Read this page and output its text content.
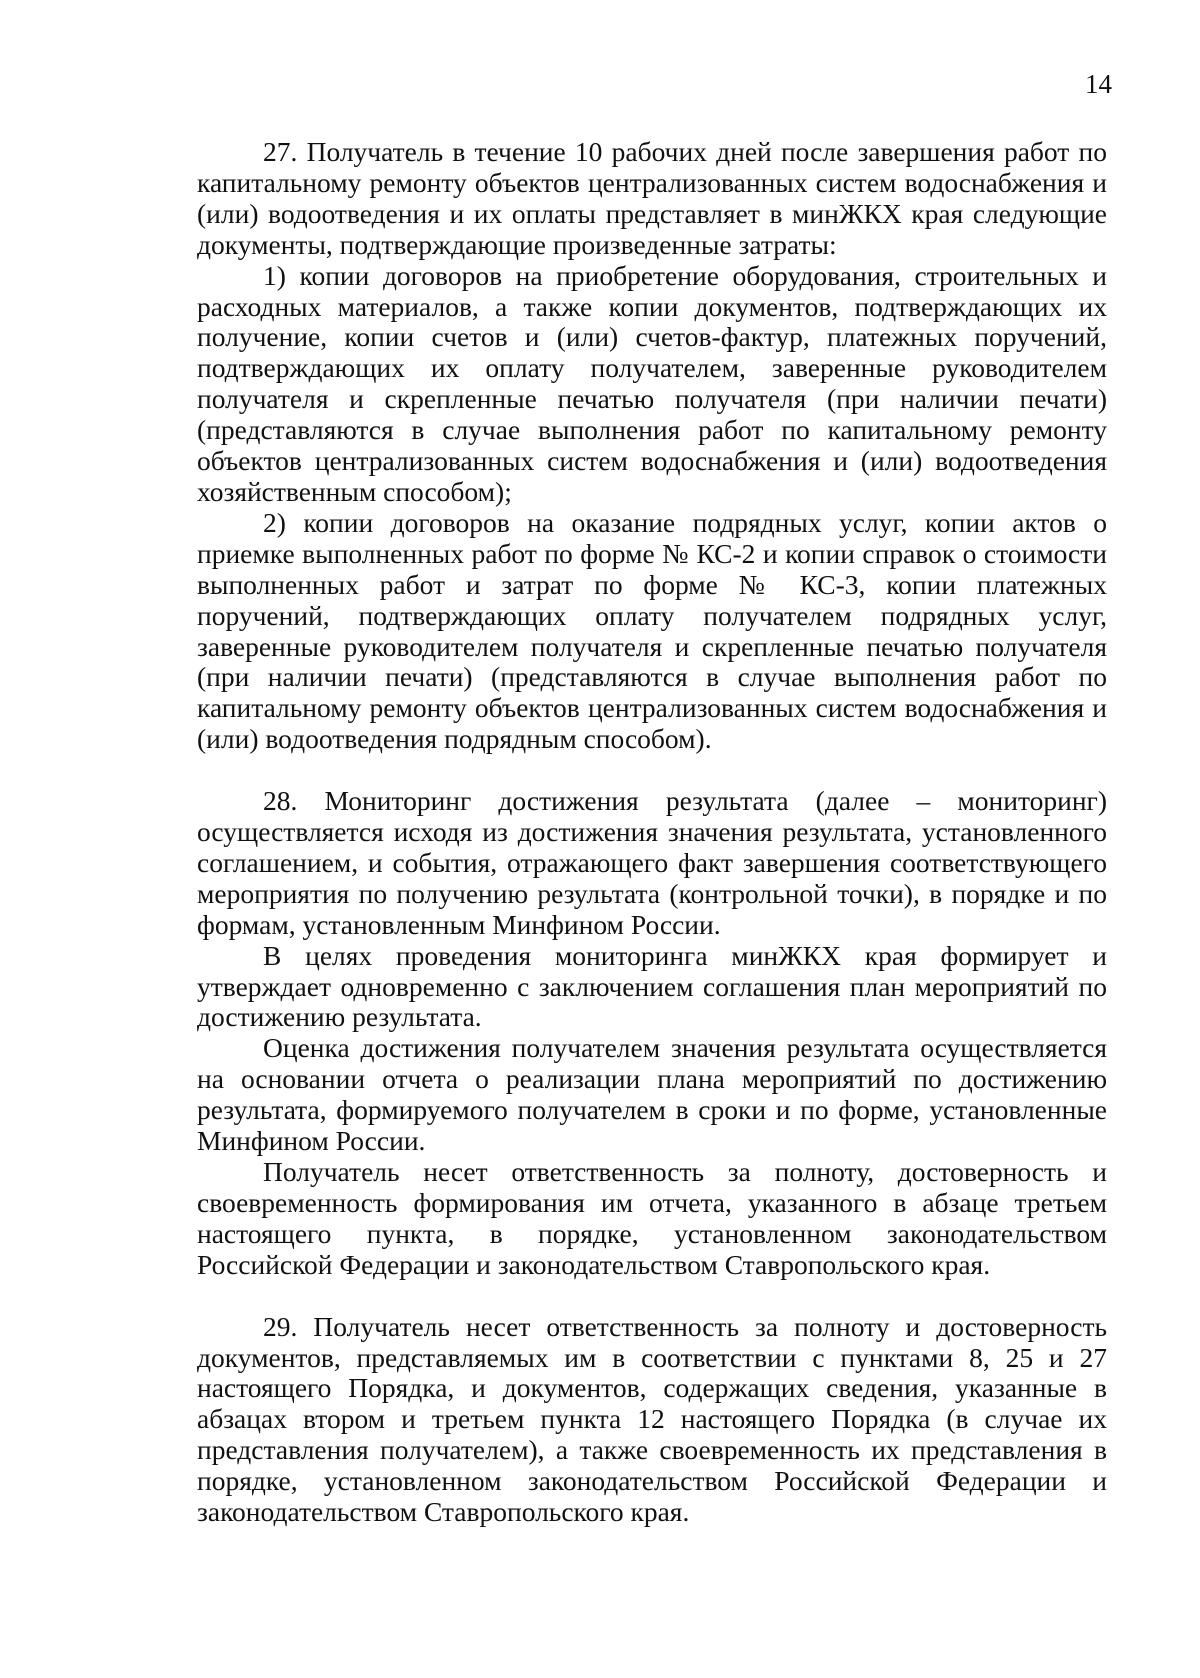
14

27. Получатель в течение 10 рабочих дней после завершения работ по капитальному ремонту объектов централизованных систем водоснабжения и (или) водоотведения и их оплаты представляет в минЖКХ края следующие документы, подтверждающие произведенные затраты:

1) копии договоров на приобретение оборудования, строительных и расходных материалов, а также копии документов, подтверждающих их получение, копии счетов и (или) счетов-фактур, платежных поручений, подтверждающих их оплату получателем, заверенные руководителем получателя и скрепленные печатью получателя (при наличии печати) (представляются в случае выполнения работ по капитальному ремонту объектов централизованных систем водоснабжения и (или) водоотведения хозяйственным способом);

2) копии договоров на оказание подрядных услуг, копии актов о приемке выполненных работ по форме № КС-2 и копии справок о стоимости выполненных работ и затрат по форме № КС-3, копии платежных поручений, подтверждающих оплату получателем подрядных услуг, заверенные руководителем получателя и скрепленные печатью получателя (при наличии печати) (представляются в случае выполнения работ по капитальному ремонту объектов централизованных систем водоснабжения и (или) водоотведения подрядным способом).

28. Мониторинг достижения результата (далее – мониторинг) осуществляется исходя из достижения значения результата, установленного соглашением, и события, отражающего факт завершения соответствующего мероприятия по получению результата (контрольной точки), в порядке и по формам, установленным Минфином России.

В целях проведения мониторинга минЖКХ края формирует и утверждает одновременно с заключением соглашения план мероприятий по достижению результата.

Оценка достижения получателем значения результата осуществляется на основании отчета о реализации плана мероприятий по достижению результата, формируемого получателем в сроки и по форме, установленные Минфином России.

Получатель несет ответственность за полноту, достоверность и своевременность формирования им отчета, указанного в абзаце третьем настоящего пункта, в порядке, установленном законодательством Российской Федерации и законодательством Ставропольского края.

29. Получатель несет ответственность за полноту и достоверность документов, представляемых им в соответствии с пунктами 8, 25 и 27 настоящего Порядка, и документов, содержащих сведения, указанные в абзацах втором и третьем пункта 12 настоящего Порядка (в случае их представления получателем), а также своевременность их представления в порядке, установленном законодательством Российской Федерации и законодательством Ставропольского края.
